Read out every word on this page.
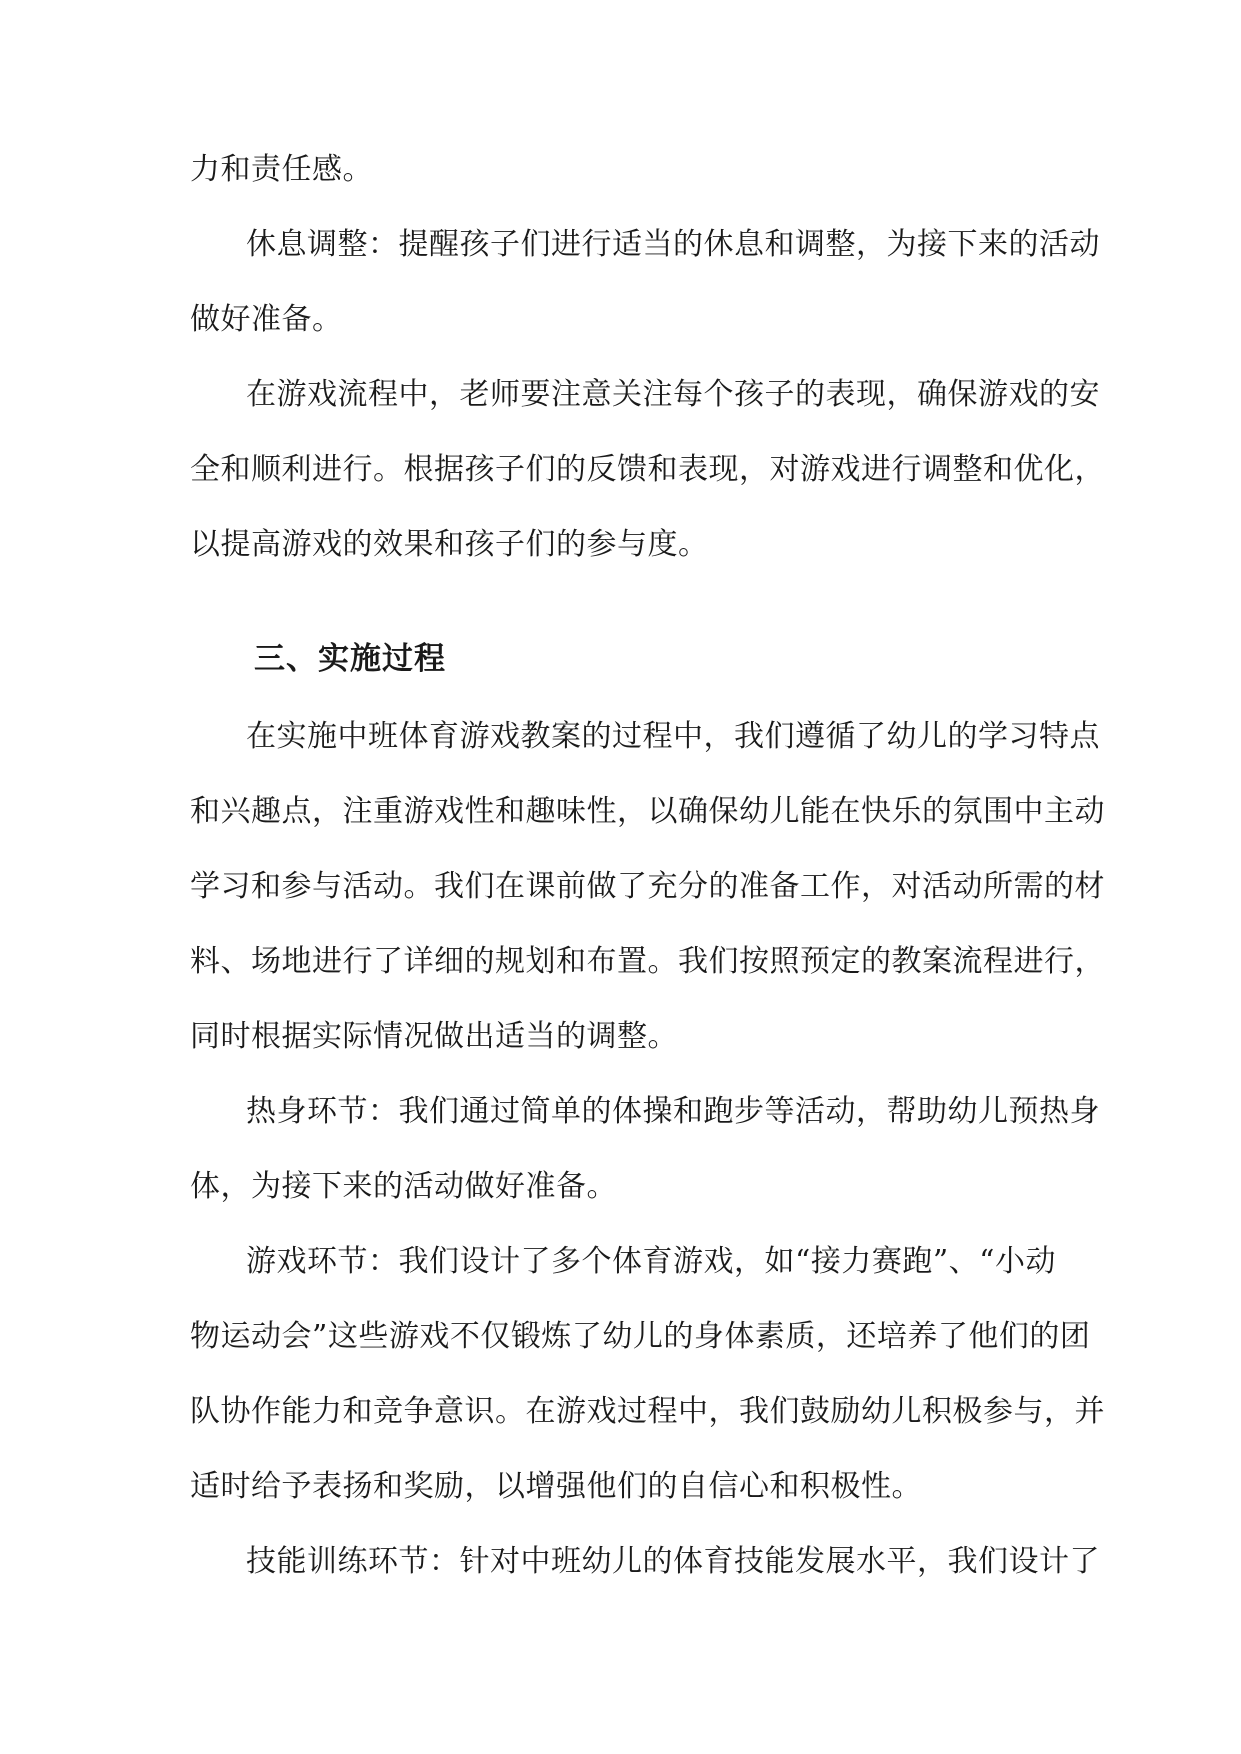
力和责任感。
休息调整：提醒孩子们进行适当的休息和调整，为接下来的活动
做好准备。
在游戏流程中，老师要注意关注每个孩子的表现，确保游戏的安
全和顺利进行。根据孩子们的反馈和表现，对游戏进行调整和优化，
以提高游戏的效果和孩子们的参与度。
三、实施过程
在实施中班体育游戏教案的过程中，我们遵循了幼儿的学习特点
和兴趣点，注重游戏性和趣味性，以确保幼儿能在快乐的氛围中主动
学习和参与活动。我们在课前做了充分的准备工作，对活动所需的材
料、场地进行了详细的规划和布置。我们按照预定的教案流程进行，
同时根据实际情况做出适当的调整。
热身环节：我们通过简单的体操和跑步等活动，帮助幼儿预热身
体，为接下来的活动做好准备。
游戏环节：我们设计了多个体育游戏，如“接力赛跑”、“小动
物运动会”这些游戏不仅锻炼了幼儿的身体素质，还培养了他们的团
队协作能力和竞争意识。在游戏过程中，我们鼓励幼儿积极参与，并
适时给予表扬和奖励，以增强他们的自信心和积极性。
技能训练环节：针对中班幼儿的体育技能发展水平，我们设计了
